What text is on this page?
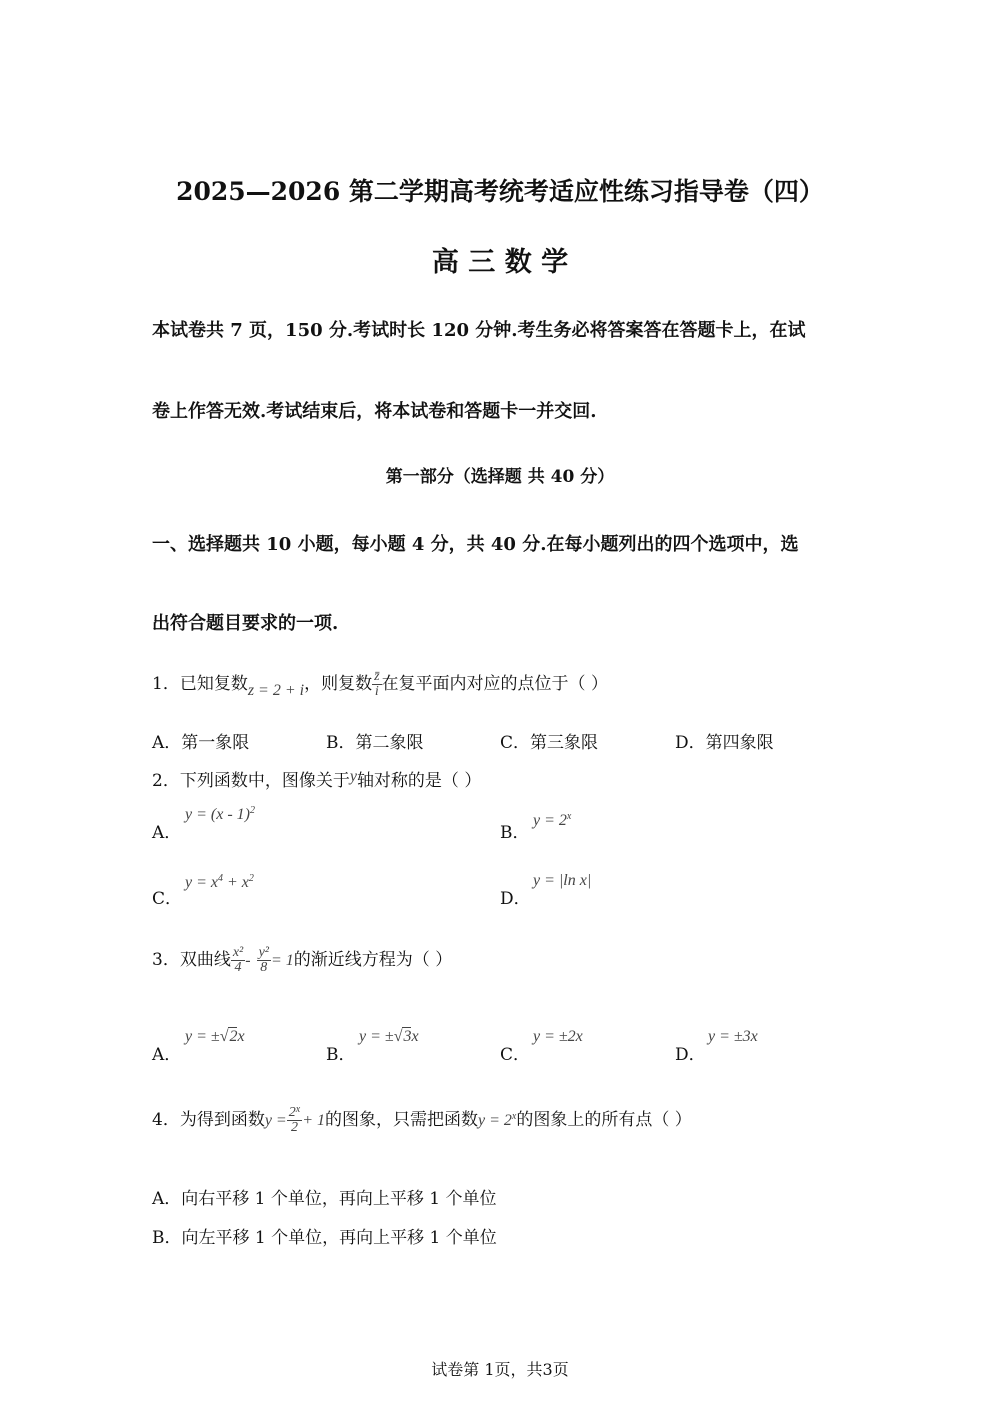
2025—2026 第二学期高考统考适应性练习指导卷（四）
高 三 数 学
本试卷共 7 页，150 分.考试时长 120 分钟.考生务必将答案答在答题卡上，在试
卷上作答无效.考试结束后，将本试卷和答题卡一并交回.
第一部分（选择题 共 40 分）
一、选择题共 10 小题，每小题 4 分，共 40 分.在每小题列出的四个选项中，选
出符合题目要求的一项.
1．已知复数z = 2 + i，则复数 $\frac{z̄}{i}$ 在复平面内对应的点位于（ ）
A．第一象限	B．第二象限	C．第三象限	D．第四象限
2．下列函数中，图像关于y轴对称的是（ ）
A．
y = (x - 1)$^2$
B．
$y = 2^x$
C．
$y = x^4 + x^2$
D．
y = |ln x|
3．双曲线 $\frac{\text{x²}}{4} - \frac{\text{y²}}{8} = 1$的渐近线方程为（ ）
A．
y = ±√2x
B．
y = ±√3x
C．
y = ±2x
D．
y = ±3x
4．为得到函数$y = \frac{2^x}{2} + 1$的图象，只需把函数$y = 2^x$的图象上的所有点（ ）
A．向右平移 1 个单位，再向上平移 1 个单位
B．向左平移 1 个单位，再向上平移 1 个单位
试卷第 1页，共3页
